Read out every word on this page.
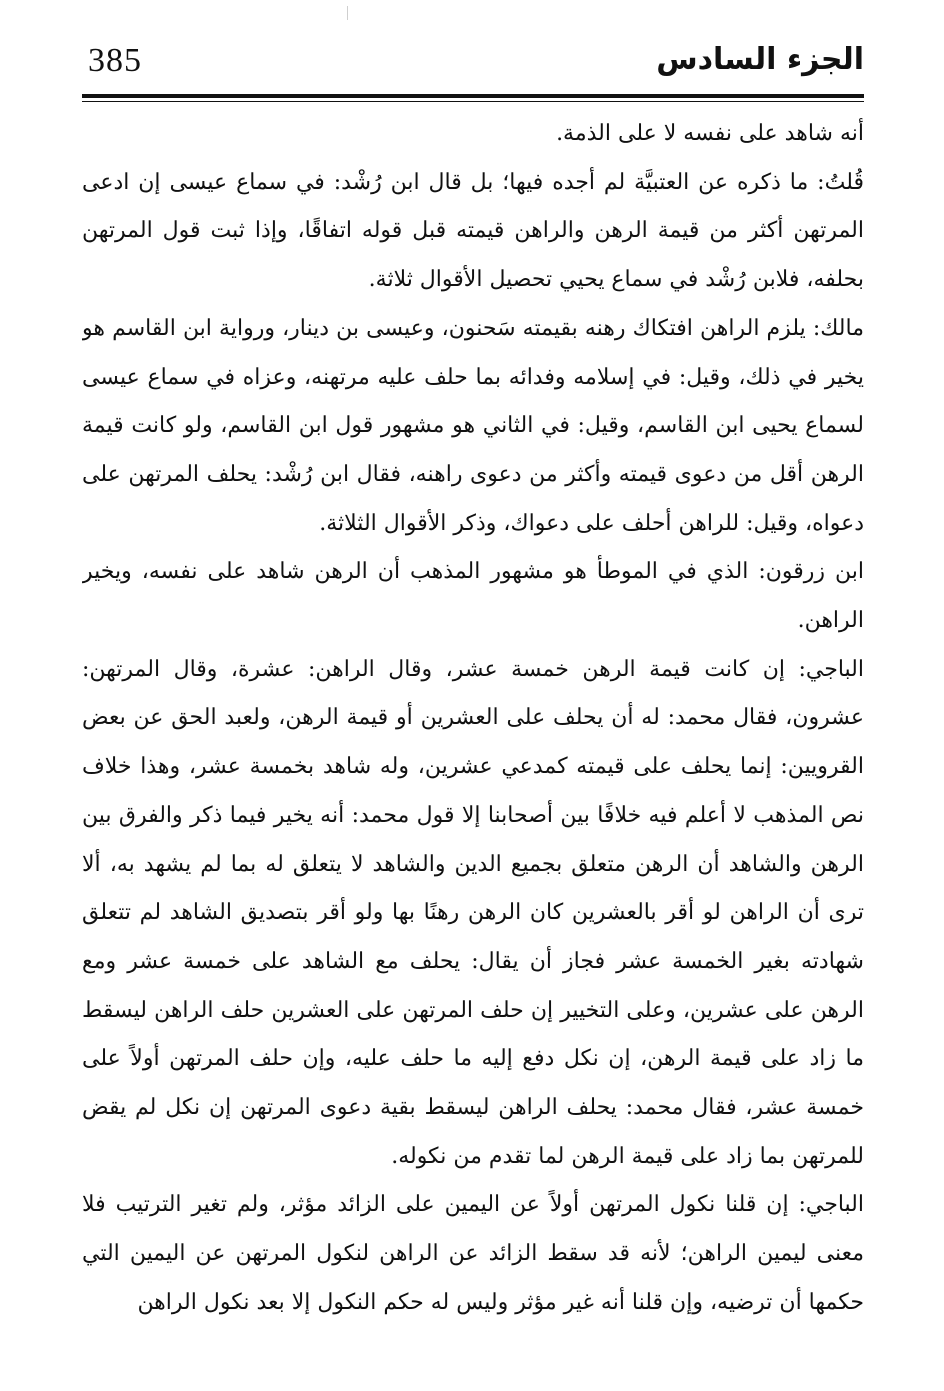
385	الجزء السادس

أنه شاهد على نفسه لا على الذمة.

قُلتُ: ما ذكره عن العتبيَّة لم أجده فيها؛ بل قال ابن رُشْد: في سماع عيسى إن ادعى المرتهن أكثر من قيمة الرهن والراهن قيمته قبل قوله اتفاقًا، وإذا ثبت قول المرتهن بحلفه، فلابن رُشْد في سماع يحيي تحصيل الأقوال ثلاثة.

مالك: يلزم الراهن افتكاك رهنه بقيمته سَحنون، وعيسى بن دينار، ورواية ابن القاسم هو يخير في ذلك، وقيل: في إسلامه وفدائه بما حلف عليه مرتهنه، وعزاه في سماع عيسى لسماع يحيى ابن القاسم، وقيل: في الثاني هو مشهور قول ابن القاسم، ولو كانت قيمة الرهن أقل من دعوى قيمته وأكثر من دعوى راهنه، فقال ابن رُشْد: يحلف المرتهن على دعواه، وقيل: للراهن أحلف على دعواك، وذكر الأقوال الثلاثة.

ابن زرقون: الذي في الموطأ هو مشهور المذهب أن الرهن شاهد على نفسه، ويخير الراهن.

الباجي: إن كانت قيمة الرهن خمسة عشر، وقال الراهن: عشرة، وقال المرتهن: عشرون، فقال محمد: له أن يحلف على العشرين أو قيمة الرهن، ولعبد الحق عن بعض القرويين: إنما يحلف على قيمته كمدعي عشرين، وله شاهد بخمسة عشر، وهذا خلاف نص المذهب لا أعلم فيه خلافًا بين أصحابنا إلا قول محمد: أنه يخير فيما ذكر والفرق بين الرهن والشاهد أن الرهن متعلق بجميع الدين والشاهد لا يتعلق له بما لم يشهد به، ألا ترى أن الراهن لو أقر بالعشرين كان الرهن رهنًا بها ولو أقر بتصديق الشاهد لم تتعلق شهادته بغير الخمسة عشر فجاز أن يقال: يحلف مع الشاهد على خمسة عشر ومع الرهن على عشرين، وعلى التخيير إن حلف المرتهن على العشرين حلف الراهن ليسقط ما زاد على قيمة الرهن، إن نكل دفع إليه ما حلف عليه، وإن حلف المرتهن أولاً على خمسة عشر، فقال محمد: يحلف الراهن ليسقط بقية دعوى المرتهن إن نكل لم يقض للمرتهن بما زاد على قيمة الرهن لما تقدم من نكوله.

الباجي: إن قلنا نكول المرتهن أولاً عن اليمين على الزائد مؤثر، ولم تغير الترتيب فلا معنى ليمين الراهن؛ لأنه قد سقط الزائد عن الراهن لنكول المرتهن عن اليمين التي حكمها أن ترضيه، وإن قلنا أنه غير مؤثر وليس له حكم النكول إلا بعد نكول الراهن
